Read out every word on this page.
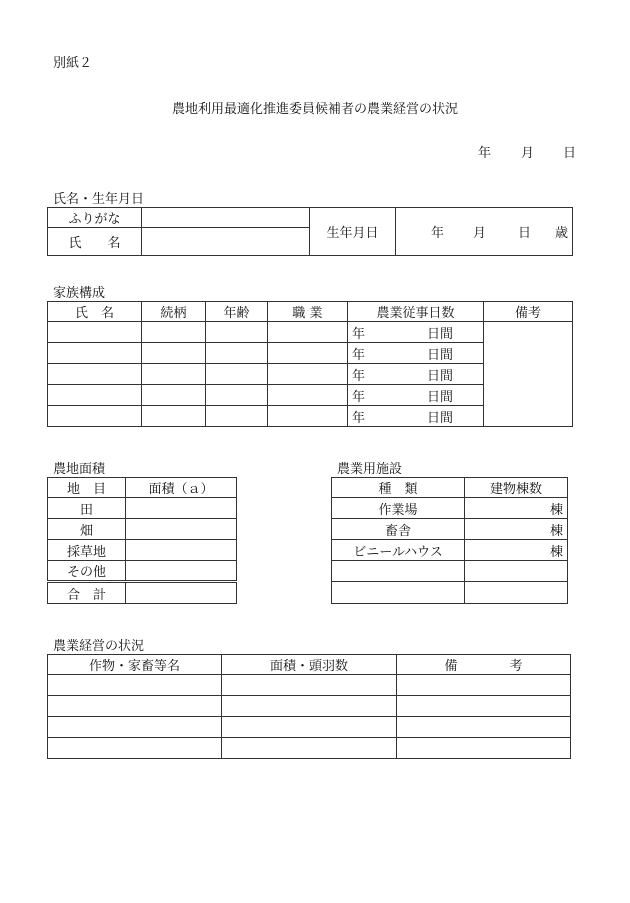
別紙２
農地利用最適化推進委員候補者の農業経営の状況
年 月 日
氏名・生年月日
ふりがな		生年月日	年 月 日 歳
氏　　名			
家族構成
氏　名	続柄	年齢	職 業	農業従事日数	備考
				年 日間	

				年 日間	

				年 日間	

				年 日間	

				年 日間	
農地面積
地　目	面積（ａ）
田	
畑	
採草地	
その他	
合　計	
農業用施設
種　類	建物棟数
作業場	棟
畜舎	棟
ビニールハウス	棟

農業経営の状況
作物・家畜等名	面積・頭羽数	備　　　　考
